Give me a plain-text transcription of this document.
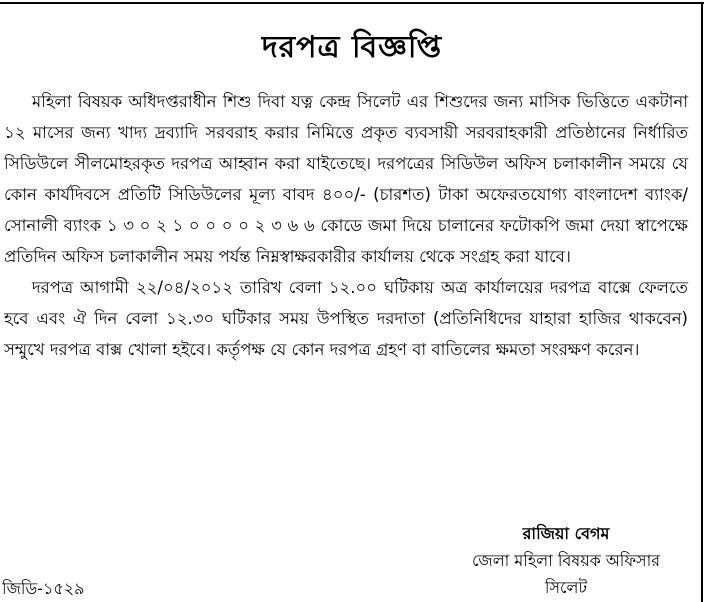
দরপত্র বিজ্ঞপ্তি

মহিলা বিষয়ক অধিদপ্তরাধীন শিশু দিবা যত্ন কেন্দ্র সিলেট এর শিশুদের জন্য মাসিক ভিত্তিতে একটানা ১২ মাসের জন্য খাদ্য দ্রব্যাদি সরবরাহ করার নিমিত্তে প্রকৃত ব্যবসায়ী সরবরাহকারী প্রতিষ্ঠানের নির্ধারিত সিডিউলে সীলমোহরকৃত দরপত্র আহ্বান করা যাইতেছে। দরপত্রের সিডিউল অফিস চলাকালীন সময়ে যে কোন কার্যদিবসে প্রতিটি সিডিউলের মূল্য বাবদ ৪০০/- (চারশত) টাকা অফেরতযোগ্য বাংলাদেশ ব্যাংক/সোনালী ব্যাংক ১ ৩ ০ ২ ১ ০ ০ ০ ০ ২ ৩ ৬ ৬ কোডে জমা দিয়ে চালানের ফটোকপি জমা দেয়া স্বাপেক্ষে প্রতিদিন অফিস চলাকালীন সময় পর্যন্ত নিম্নস্বাক্ষরকারীর কার্যালয় থেকে সংগ্রহ করা যাবে।

দরপত্র আগামী ২২/০৪/২০১২ তারিখ বেলা ১২.০০ ঘটিকায় অত্র কার্যালয়ের দরপত্র বাক্সে ফেলতে হবে এবং ঐ দিন বেলা ১২.৩০ ঘটিকার সময় উপস্থিত দরদাতা (প্রতিনিধিদের যাহারা হাজির থাকবেন) সম্মুখে দরপত্র বাক্স খোলা হইবে। কর্তৃপক্ষ যে কোন দরপত্র গ্রহণ বা বাতিলের ক্ষমতা সংরক্ষণ করেন।

রাজিয়া বেগম
জেলা মহিলা বিষয়ক অফিসার
সিলেট
জিডি-১৫২৯
